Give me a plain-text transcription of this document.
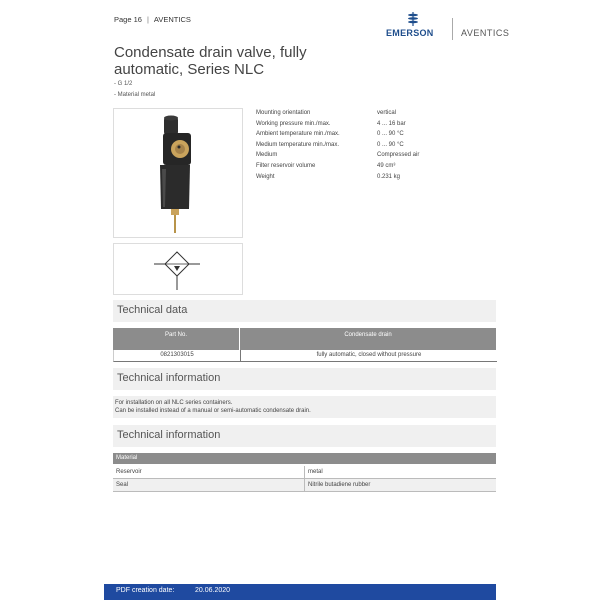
Page 16 | AVENTICS
EMERSON	AVENTICS
Condensate drain valve, fully automatic, Series NLC
- G 1/2
- Material metal
Mounting orientation	vertical
Working pressure min./max.	4 ... 16 bar
Ambient temperature min./max.	0 ... 90 °C
Medium temperature min./max.	0 ... 90 °C
Medium	Compressed air
Filter reservoir volume	49 cm³
Weight	0.231 kg
Technical data
Part No.	Condensate drain
0821303015	fully automatic, closed without pressure
Technical information
For installation on all NLC series containers.
Can be installed instead of a manual or semi-automatic condensate drain.
Technical information
Material
Reservoir	metal
Seal	Nitrile butadiene rubber
PDF creation date:	20.06.2020
